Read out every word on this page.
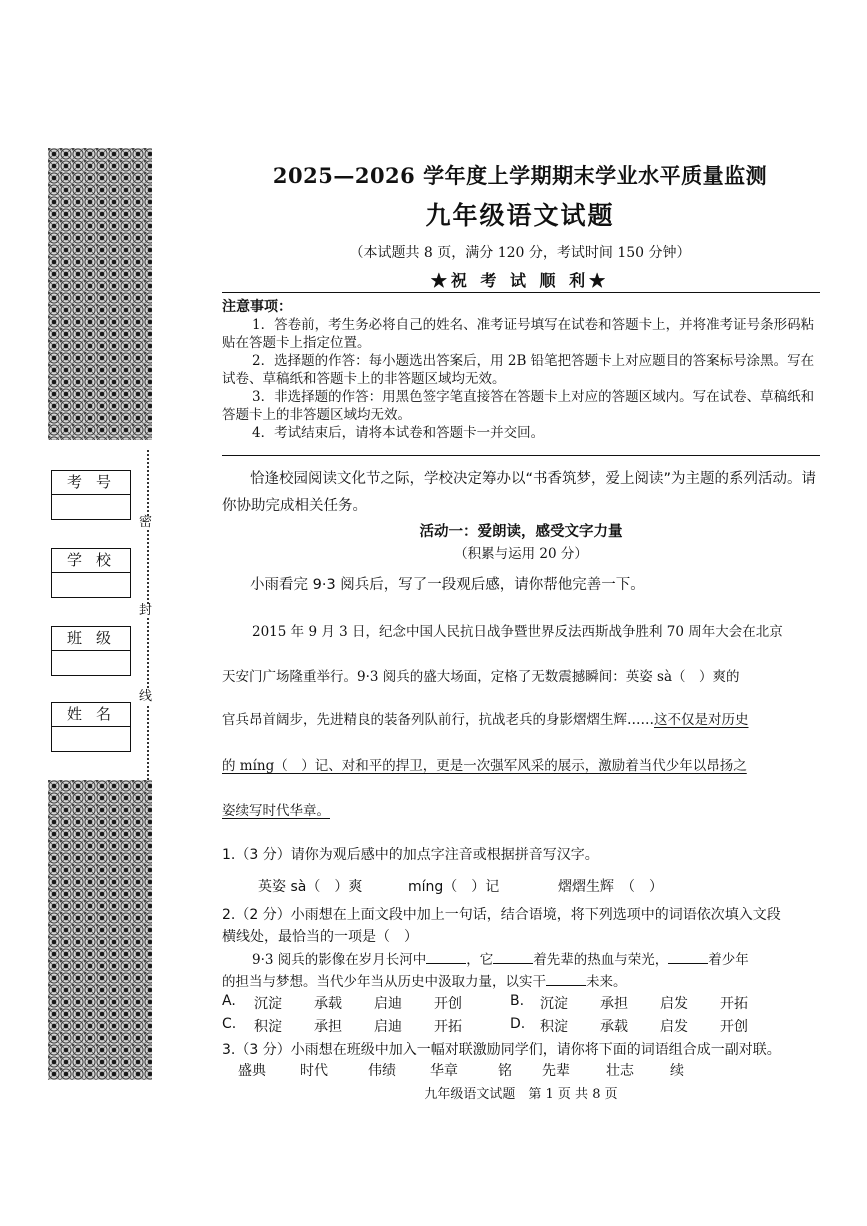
考号
学校
班级
姓名
密
封
线
2025—2026 学年度上学期期末学业水平质量监测
九年级语文试题
（本试题共 8 页，满分 120 分，考试时间 150 分钟）
★祝 考 试 顺 利★
注意事项：
1．答卷前，考生务必将自己的姓名、准考证号填写在试卷和答题卡上，并将准考证号条形码粘贴在答题卡上指定位置。
2．选择题的作答：每小题选出答案后，用 2B 铅笔把答题卡上对应题目的答案标号涂黑。写在试卷、草稿纸和答题卡上的非答题区域均无效。
3．非选择题的作答：用黑色签字笔直接答在答题卡上对应的答题区域内。写在试卷、草稿纸和答题卡上的非答题区域均无效。
4．考试结束后，请将本试卷和答题卡一并交回。
恰逢校园阅读文化节之际，学校决定筹办以“书香筑梦，爱上阅读”为主题的系列活动。请你协助完成相关任务。
活动一：爱朗读，感受文字力量
（积累与运用 20 分）
小雨看完 9·3 阅兵后，写了一段观后感，请你帮他完善一下。
2015 年 9 月 3 日，纪念中国人民抗日战争暨世界反法西斯战争胜利 70 周年大会在北京
天安门广场隆重举行。9·3 阅兵的盛大场面，定格了无数震撼瞬间：英姿 sà（　）爽的
官兵昂首阔步，先进精良的装备列队前行，抗战老兵的身影熠熠生辉……这不仅是对历史
的 míng（　）记、对和平的捍卫，更是一次强军风采的展示，激励着当代少年以昂扬之
姿续写时代华章。
1.（3 分）请你为观后感中的加点字注音或根据拼音写汉字。
英姿 sà（　）爽	míng（　）记	熠熠生辉　（　）
2.（2 分）小雨想在上面文段中加上一句话，结合语境，将下列选项中的词语依次填入文段
横线处，最恰当的一项是（　）
9·3 阅兵的影像在岁月长河中	，它	着先辈的热血与荣光，	着少年
的担当与梦想。当代少年当从历史中汲取力量，以实干	未来。
A. 沉淀 承载 启迪 开创	B. 沉淀 承担 启发 开拓
C. 积淀 承担 启迪 开拓	D. 积淀 承载 启发 开创
3.（3 分）小雨想在班级中加入一幅对联激励同学们，请你将下面的词语组合成一副对联。
盛典 时代	伟绩 华章	铭 先辈	壮志	续
九年级语文试题　第 1 页 共 8 页
